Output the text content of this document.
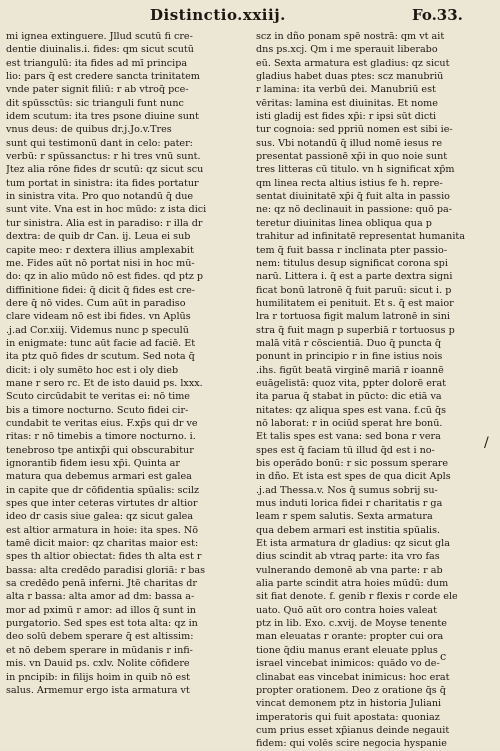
Distinctio.xxiij.	Fo.33.
mi ignea extinguere. Jllud scutū fi cre-
dentie diuinalis.i. fides: qm sicut scutū
est triangulū: ita fides ad mī principa
lio: pars q̄ est credere sancta trinitatem
vnde pater signit filiū: r ab vtroq̄ pce-
dit spūssctūs: sic trianguli funt nunc
idem scutum: ita tres psone diuine sunt
vnus deus: de quibus dr.j.Jo.v.Tres
sunt qui testimonū dant in celo: pater:
verbū: r spūssanctus: r hi tres vnū sunt.
Jtez alia rōne fides dr scutū: qz sicut scu
tum portat in sinistra: ita fides portatur
in sinistra vita. Pro quo notandū q̄ due
sunt vite. Vna est in hoc mūdo: z ista dici
tur sinistra. Alia est in paradiso: r illa dr
dextra: de quib dr Can. ij. Leua ei sub
capite meo: r dextera illius amplexabit
me. Fides aūt nō portat nisi in hoc mū-
do: qz in alio mūdo nō est fides. qd ptz p
diffinitione fidei: q̄ dicit q̄ fides est cre-
dere q̄ nō vides. Cum aūt in paradiso
clare videam nō est ibi fides. vn Aplūs
.j.ad Cor.xiij. Videmus nunc p speculū
in enigmate: tunc aūt facie ad faciē. Et
ita ptz quō fides dr scutum. Sed nota q̄
dicit: i oly sumēto hoc est i oly dieb
mane r sero rc. Et de isto dauid ps. lxxx.
Scuto circūdabit te veritas ei: nō time
bis a timore nocturno. Scuto fidei cir-
cundabit te veritas eius. F.xp̄s qui dr ve
ritas: r nō timebis a timore nocturno. i.
tenebroso tpe antixp̄i qui obscurabitur
ignorantib fidem iesu xp̄i. Quinta ar
matura qua debemus armari est galea
in capite que dr cōfidentia spūalis: scilz
spes que inter ceteras virtutes dr altior
ideo dr casis siue galea: qz sicut galea
est altior armatura in hoie: ita spes. Nō
tamē dicit maior: qz charitas maior est:
spes th altior obiectat: fides th alta est r
bassa: alta credēdo paradisi gloriā: r bas
sa credēdo penā inferni. Jtē charitas dr
alta r bassa: alta amor ad dm: bassa a-
mor ad pximū r amor: ad illos q̄ sunt in
purgatorio. Sed spes est tota alta: qz in
deo solū debem sperare q̄ est altissim:
et nō debem sperare in mūdanis r infi-
mis. vn Dauid ps. cxlv. Nolite cōfidere
in pncipib: in filijs hoim in quib nō est
salus. Armemur ergo ista armatura vt
scz in dño ponam spē nostrā: qm vt ait
dns ps.xcj. Qm i me sperauit liberabo
eū. Sexta armatura est gladius: qz sicut
gladius habet duas ptes: scz manubriū
r lamina: ita verbū dei. Manubriū est
vēritas: lamina est diuinitas. Et nome
isti gladij est fides xp̄i: r ipsi sūt dicti
tur cognoia: sed ppriū nomen est sibi ie-
sus. Vbi notandū q̄ illud nomē iesus re
presentat passionē xp̄i in quo noie sunt
tres litteras cū titulo. vn h significat xp̄m
qm linea recta altius istius fe h. repre-
sentat diuinitatē xp̄i q̄ fuit alta in passio
ne: qz nō declinauit in passione: quō pa-
teretur diuinitas linea obliqua qua p
trahitur ad infinitatē representat humanita
tem q̄ fuit bassa r inclinata pter passio-
nem: titulus desup significat corona spi
narū. Littera i. q̄ est a parte dextra signi
ficat bonū latronē q̄ fuit paruū: sicut i. p
humilitatem ei penituit. Et s. q̄ est maior
lra r tortuosa figit malum latronē in sini
stra q̄ fuit magn p superbiā r tortuosus p
malā vitā r cōscientiā. Duo q̄ puncta q̄
ponunt in principio r in fine istius nois
.ihs. figūt beatā virginē mariā r ioannē
euāgelistā: quoz vita, ppter dolorē erat
ita parua q̄ stabat in pūcto: dic etiā va
nitates: qz aliqua spes est vana. f.cū q̄s
nō laborat: r in ociūd sperat hre bonū.
Et talis spes est vana: sed bona r vera
spes est q̄ faciam tū illud q̄d est i no-
bis operādo bonū: r sic possum sperare
in dño. Et ista est spes de qua dicit Apls
.j.ad Thessa.v. Nos q̄ sumus sobrij su-
mus induti lorica fidei r charitatis r ga
leam r spem salutis. Sexta armatura
qua debem armari est institia spūalis.
Et ista armatura dr gladius: qz sicut gla
dius scindit ab vtraq parte: ita vro fas
vulnerando demonē ab vna parte: r ab
alia parte scindit atra hoies mūdū: dum
sit fiat denote. f. genib r flexis r corde ele
uato. Quō aūt oro contra hoies valeat
ptz in lib. Exo. c.xvij. de Moyse tenente
man eleuatas r orante: propter cui ora
tione q̄diu manus erant eleuate pplus
israel vincebat inimicos: quādo vo de-
clinabat eas vincebat inimicus: hoc erat
propter orationem. Deo z oratione q̄s q̄
vincat demonem ptz in historia Juliani
imperatoris qui fuit apostata: quoniaz
cum prius esset xp̄ianus deinde negauit
fidem: qui volēs scire negocia hyspanie
/
c
